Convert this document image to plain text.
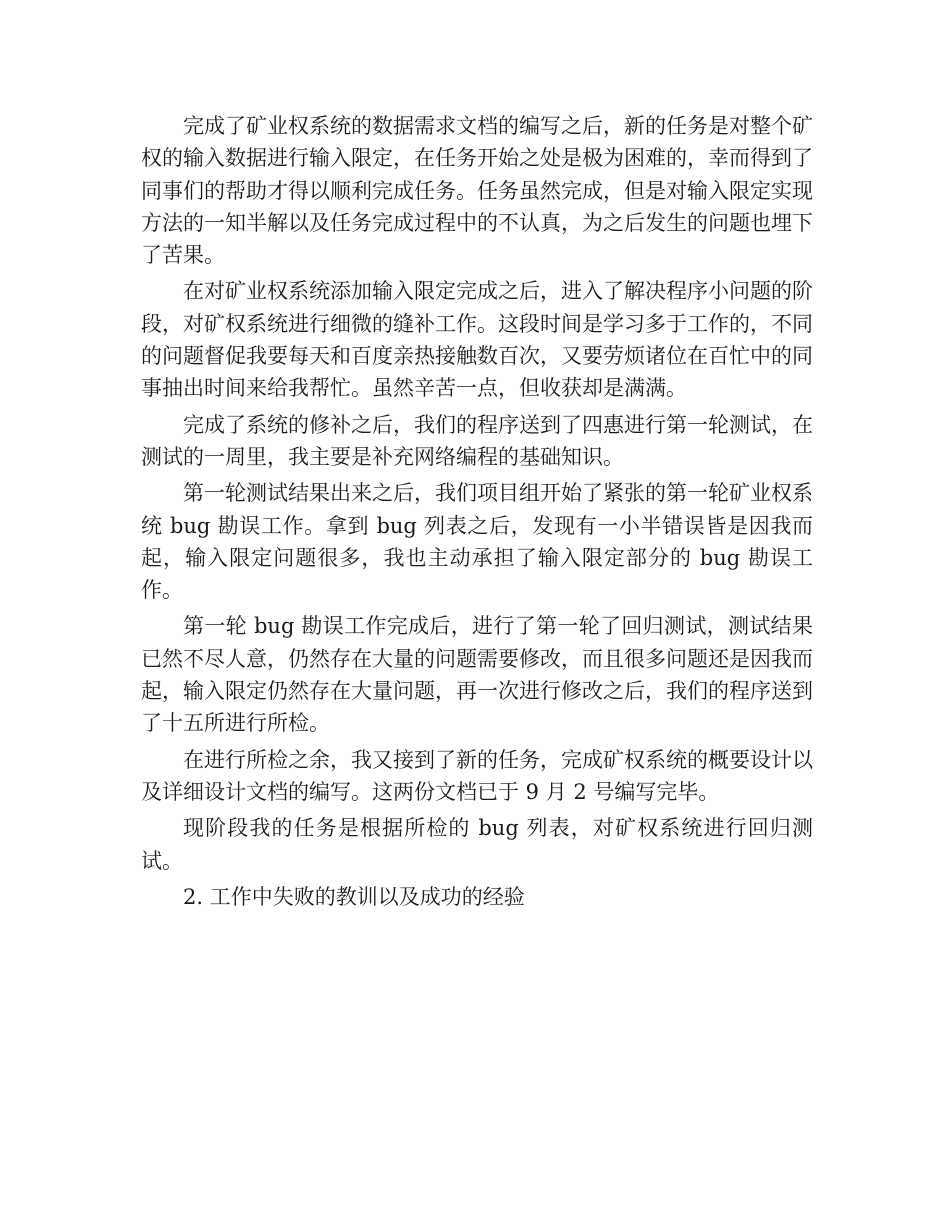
完成了矿业权系统的数据需求文档的编写之后，新的任务是对整个矿权的输入数据进行输入限定，在任务开始之处是极为困难的，幸而得到了同事们的帮助才得以顺利完成任务。任务虽然完成，但是对输入限定实现方法的一知半解以及任务完成过程中的不认真，为之后发生的问题也埋下了苦果。

在对矿业权系统添加输入限定完成之后，进入了解决程序小问题的阶段，对矿权系统进行细微的缝补工作。这段时间是学习多于工作的，不同的问题督促我要每天和百度亲热接触数百次，又要劳烦诸位在百忙中的同事抽出时间来给我帮忙。虽然辛苦一点，但收获却是满满。

完成了系统的修补之后，我们的程序送到了四惠进行第一轮测试，在测试的一周里，我主要是补充网络编程的基础知识。

第一轮测试结果出来之后，我们项目组开始了紧张的第一轮矿业权系统 bug 勘误工作。拿到 bug 列表之后，发现有一小半错误皆是因我而起，输入限定问题很多，我也主动承担了输入限定部分的 bug 勘误工作。

第一轮 bug 勘误工作完成后，进行了第一轮了回归测试，测试结果已然不尽人意，仍然存在大量的问题需要修改，而且很多问题还是因我而起，输入限定仍然存在大量问题，再一次进行修改之后，我们的程序送到了十五所进行所检。

在进行所检之余，我又接到了新的任务，完成矿权系统的概要设计以及详细设计文档的编写。这两份文档已于 9 月 2 号编写完毕。

现阶段我的任务是根据所检的 bug 列表，对矿权系统进行回归测试。

2. 工作中失败的教训以及成功的经验
